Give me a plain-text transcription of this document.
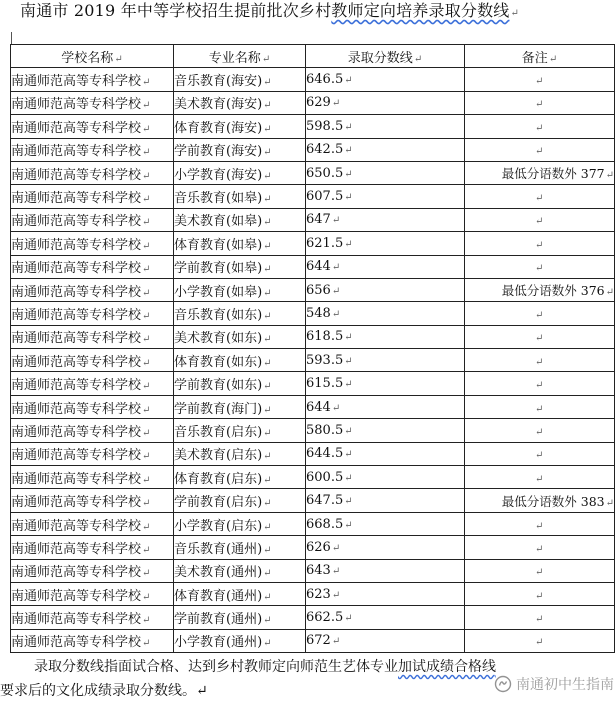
南通市 2019 年中等学校招生提前批次乡村教师定向培养录取分数线↵
学校名称↵	专业名称↵	录取分数线↵	备注↵
南通师范高等专科学校↵	音乐教育(海安)↵	646.5↵	↵
南通师范高等专科学校↵	美术教育(海安)↵	629↵	↵
南通师范高等专科学校↵	体育教育(海安)↵	598.5↵	↵
南通师范高等专科学校↵	学前教育(海安)↵	642.5↵	↵
南通师范高等专科学校↵	小学教育(海安)↵	650.5↵	最低分语数外 377↵
南通师范高等专科学校↵	音乐教育(如皋)↵	607.5↵	↵
南通师范高等专科学校↵	美术教育(如皋)↵	647↵	↵
南通师范高等专科学校↵	体育教育(如皋)↵	621.5↵	↵
南通师范高等专科学校↵	学前教育(如皋)↵	644↵	↵
南通师范高等专科学校↵	小学教育(如皋)↵	656↵	最低分语数外 376↵
南通师范高等专科学校↵	音乐教育(如东)↵	548↵	↵
南通师范高等专科学校↵	美术教育(如东)↵	618.5↵	↵
南通师范高等专科学校↵	体育教育(如东)↵	593.5↵	↵
南通师范高等专科学校↵	学前教育(如东)↵	615.5↵	↵
南通师范高等专科学校↵	学前教育(海门)↵	644↵	↵
南通师范高等专科学校↵	音乐教育(启东)↵	580.5↵	↵
南通师范高等专科学校↵	美术教育(启东)↵	644.5↵	↵
南通师范高等专科学校↵	体育教育(启东)↵	600.5↵	↵
南通师范高等专科学校↵	学前教育(启东)↵	647.5↵	最低分语数外 383↵
南通师范高等专科学校↵	小学教育(启东)↵	668.5↵	↵
南通师范高等专科学校↵	音乐教育(通州)↵	626↵	↵
南通师范高等专科学校↵	美术教育(通州)↵	643↵	↵
南通师范高等专科学校↵	体育教育(通州)↵	623↵	↵
南通师范高等专科学校↵	学前教育(通州)↵	662.5↵	↵
南通师范高等专科学校↵	小学教育(通州)↵	672↵	↵
录取分数线指面试合格、达到乡村教师定向师范生艺体专业加试成绩合格线
要求后的文化成绩录取分数线。↵	南通初中生指南
